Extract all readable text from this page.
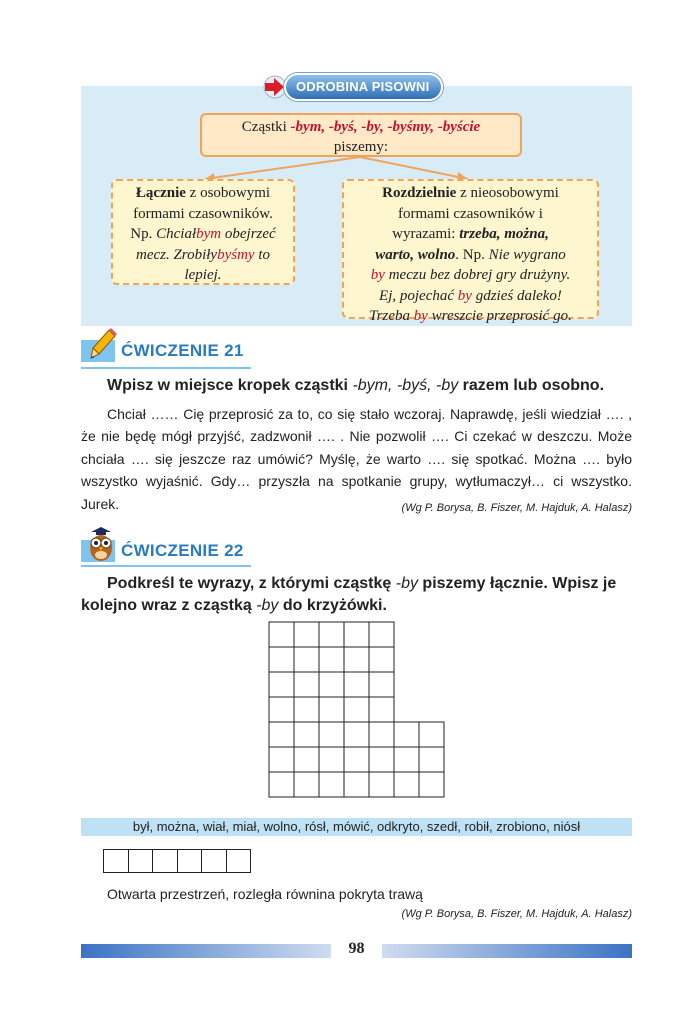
ODROBINA PISOWNI
Cząstki -bym, -byś, -by, -byśmy, -byście
piszemy:
Łącznie z osobowymi
formami czasowników.
Np. Chciałbym obejrzeć
mecz. Zrobiłybyśmy to
lepiej.
Rozdzielnie z nieosobowymi
formami czasowników i
wyrazami: trzeba, można,
warto, wolno. Np. Nie wygrano
by meczu bez dobrej gry drużyny.
Ej, pojechać by gdzieś daleko!
Trzeba by wreszcie przeprosić go.
ĆWICZENIE 21
Wpisz w miejsce kropek cząstki -bym, -byś, -by razem lub osobno.
Chciał …… Cię przeprosić za to, co się stało wczoraj. Naprawdę, jeśli wiedział …. , że nie będę mógł przyjść, zadzwonił …. . Nie pozwolił …. Ci czekać w deszczu. Może chciała …. się jeszcze raz umówić? Myślę, że warto …. się spotkać. Można …. było wszystko wyjaśnić. Gdy… przyszła na spotkanie grupy, wytłumaczył… ci wszystko. Jurek.	(Wg P. Borysa, B. Fiszer, M. Hajduk, A. Halasz)
ĆWICZENIE 22
Podkreśl te wyrazy, z którymi cząstkę -by piszemy łącznie. Wpisz je
kolejno wraz z cząstką -by do krzyżówki.
był, można, wiał, miał, wolno, rósł, mówić, odkryto, szedł, robił, zrobiono, niósł
Otwarta przestrzeń, rozległa równina pokryta trawą
(Wg P. Borysa, B. Fiszer, M. Hajduk, A. Halasz)
98
